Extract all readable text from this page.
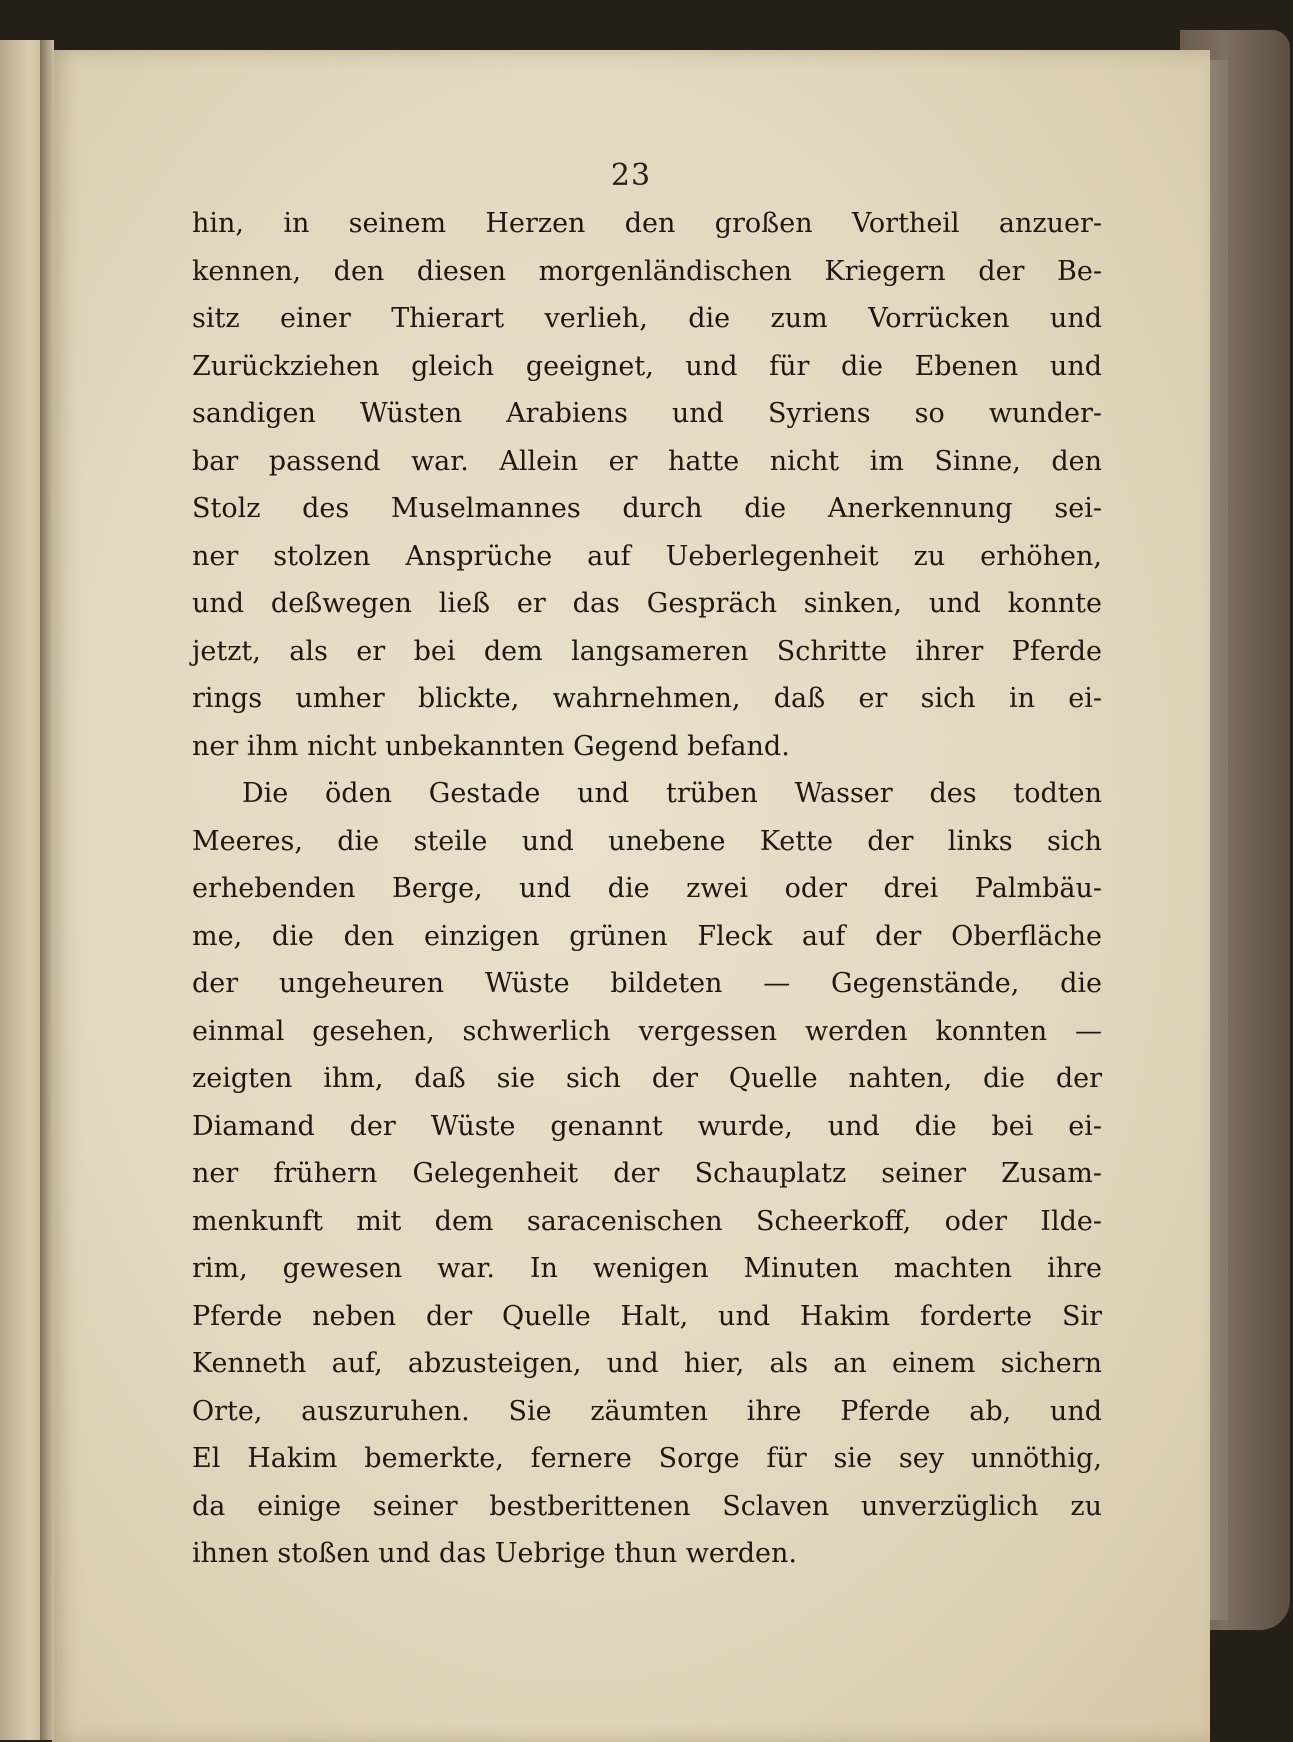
23
hin, in seinem Herzen den großen Vortheil anzuer-
kennen, den diesen morgenländischen Kriegern der Be-
sitz einer Thierart verlieh, die zum Vorrücken und
Zurückziehen gleich geeignet, und für die Ebenen und
sandigen Wüsten Arabiens und Syriens so wunder-
bar passend war. Allein er hatte nicht im Sinne, den
Stolz des Muselmannes durch die Anerkennung sei-
ner stolzen Ansprüche auf Ueberlegenheit zu erhöhen,
und deßwegen ließ er das Gespräch sinken, und konnte
jetzt, als er bei dem langsameren Schritte ihrer Pferde
rings umher blickte, wahrnehmen, daß er sich in ei-
ner ihm nicht unbekannten Gegend befand.
Die öden Gestade und trüben Wasser des todten
Meeres, die steile und unebene Kette der links sich
erhebenden Berge, und die zwei oder drei Palmbäu-
me, die den einzigen grünen Fleck auf der Oberfläche
der ungeheuren Wüste bildeten — Gegenstände, die
einmal gesehen, schwerlich vergessen werden konnten —
zeigten ihm, daß sie sich der Quelle nahten, die der
Diamand der Wüste genannt wurde, und die bei ei-
ner frühern Gelegenheit der Schauplatz seiner Zusam-
menkunft mit dem saracenischen Scheerkoff, oder Ilde-
rim, gewesen war. In wenigen Minuten machten ihre
Pferde neben der Quelle Halt, und Hakim forderte Sir
Kenneth auf, abzusteigen, und hier, als an einem sichern
Orte, auszuruhen. Sie zäumten ihre Pferde ab, und
El Hakim bemerkte, fernere Sorge für sie sey unnöthig,
da einige seiner bestberittenen Sclaven unverzüglich zu
ihnen stoßen und das Uebrige thun werden.
